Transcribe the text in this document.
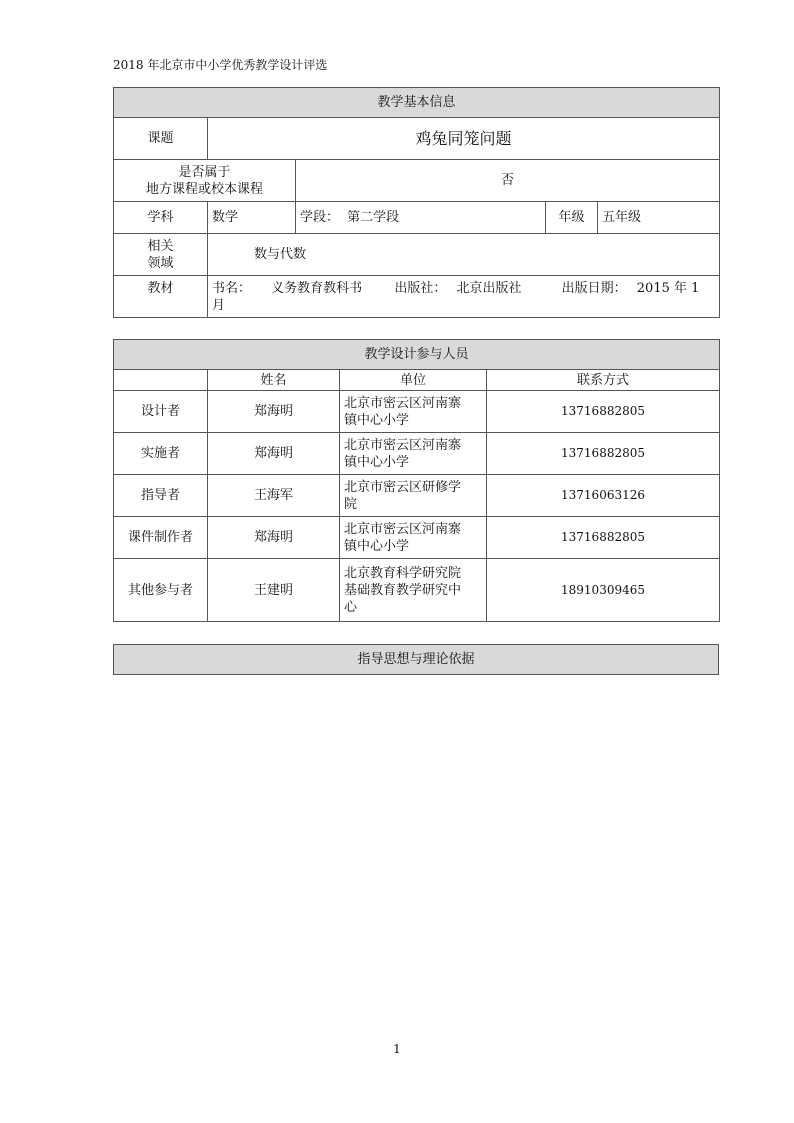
2018 年北京市中小学优秀教学设计评选
教学基本信息				
课题	鸡兔同笼问题			

是否属于
地方课程或校本课程		否		
学科	数学	学段： 第二学段	年级	五年级

相关
领域	数与代数			
教材	书名： 义务教育教科书 出版社： 北京出版社 出版日期： 2015 年 1
月			
教学设计参与人员			
	姓名	单位	联系方式
设计者	郑海明	北京市密云区河南寨
镇中心小学	13716882805
实施者	郑海明	北京市密云区河南寨
镇中心小学	13716882805
指导者	王海军	北京市密云区研修学
院	13716063126
课件制作者	郑海明	北京市密云区河南寨
镇中心小学	13716882805
其他参与者	王建明	北京教育科学研究院
基础教育教学研究中
心	18910309465
指导思想与理论依据
1
